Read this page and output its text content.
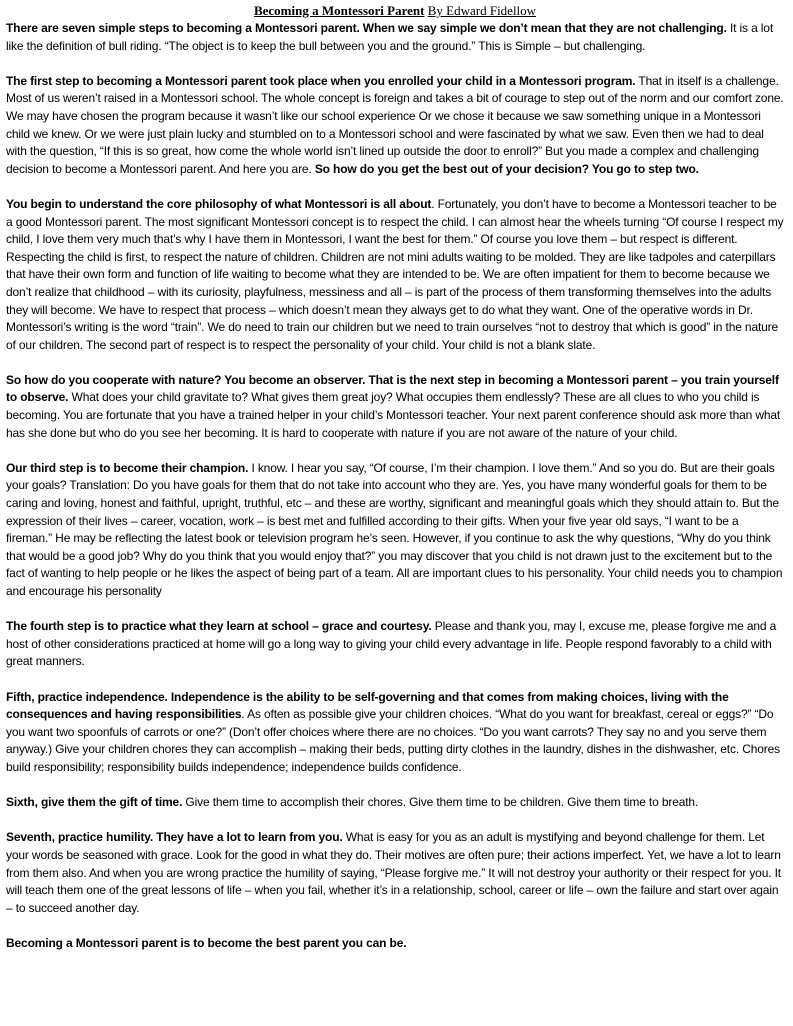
Becoming a Montessori Parent By Edward Fidellow

There are seven simple steps to becoming a Montessori parent. When we say simple we don’t mean that they are not challenging. It is a lot like the definition of bull riding. “The object is to keep the bull between you and the ground.” This is Simple – but challenging.

The first step to becoming a Montessori parent took place when you enrolled your child in a Montessori program. That in itself is a challenge. Most of us weren’t raised in a Montessori school. The whole concept is foreign and takes a bit of courage to step out of the norm and our comfort zone. We may have chosen the program because it wasn’t like our school experience Or we chose it because we saw something unique in a Montessori child we knew. Or we were just plain lucky and stumbled on to a Montessori school and were fascinated by what we saw. Even then we had to deal with the question, “If this is so great, how come the whole world isn’t lined up outside the door to enroll?” But you made a complex and challenging decision to become a Montessori parent. And here you are. So how do you get the best out of your decision? You go to step two.

You begin to understand the core philosophy of what Montessori is all about. Fortunately, you don’t have to become a Montessori teacher to be a good Montessori parent. The most significant Montessori concept is to respect the child. I can almost hear the wheels turning “Of course I respect my child, I love them very much that’s why I have them in Montessori, I want the best for them.” Of course you love them – but respect is different. Respecting the child is first, to respect the nature of children. Children are not mini adults waiting to be molded. They are like tadpoles and caterpillars that have their own form and function of life waiting to become what they are intended to be. We are often impatient for them to become because we don’t realize that childhood – with its curiosity, playfulness, messiness and all – is part of the process of them transforming themselves into the adults they will become. We have to respect that process – which doesn’t mean they always get to do what they want. One of the operative words in Dr. Montessori’s writing is the word “train”. We do need to train our children but we need to train ourselves “not to destroy that which is good” in the nature of our children. The second part of respect is to respect the personality of your child. Your child is not a blank slate.

So how do you cooperate with nature? You become an observer. That is the next step in becoming a Montessori parent – you train yourself to observe. What does your child gravitate to? What gives them great joy? What occupies them endlessly? These are all clues to who you child is becoming. You are fortunate that you have a trained helper in your child’s Montessori teacher. Your next parent conference should ask more than what has she done but who do you see her becoming. It is hard to cooperate with nature if you are not aware of the nature of your child.

Our third step is to become their champion. I know. I hear you say, “Of course, I’m their champion. I love them.” And so you do. But are their goals your goals? Translation: Do you have goals for them that do not take into account who they are. Yes, you have many wonderful goals for them to be caring and loving, honest and faithful, upright, truthful, etc – and these are worthy, significant and meaningful goals which they should attain to. But the expression of their lives – career, vocation, work – is best met and fulfilled according to their gifts. When your five year old says, “I want to be a fireman.” He may be reflecting the latest book or television program he’s seen. However, if you continue to ask the why questions, “Why do you think that would be a good job? Why do you think that you would enjoy that?” you may discover that you child is not drawn just to the excitement but to the fact of wanting to help people or he likes the aspect of being part of a team. All are important clues to his personality. Your child needs you to champion and encourage his personality

The fourth step is to practice what they learn at school – grace and courtesy. Please and thank you, may I, excuse me, please forgive me and a host of other considerations practiced at home will go a long way to giving your child every advantage in life. People respond favorably to a child with great manners.

Fifth, practice independence. Independence is the ability to be self-governing and that comes from making choices, living with the consequences and having responsibilities. As often as possible give your children choices. “What do you want for breakfast, cereal or eggs?” “Do you want two spoonfuls of carrots or one?” (Don’t offer choices where there are no choices. “Do you want carrots? They say no and you serve them anyway.) Give your children chores they can accomplish – making their beds, putting dirty clothes in the laundry, dishes in the dishwasher, etc. Chores build responsibility; responsibility builds independence; independence builds confidence.

Sixth, give them the gift of time. Give them time to accomplish their chores. Give them time to be children. Give them time to breath.

Seventh, practice humility. They have a lot to learn from you. What is easy for you as an adult is mystifying and beyond challenge for them. Let your words be seasoned with grace. Look for the good in what they do. Their motives are often pure; their actions imperfect. Yet, we have a lot to learn from them also. And when you are wrong practice the humility of saying, “Please forgive me.” It will not destroy your authority or their respect for you. It will teach them one of the great lessons of life – when you fail, whether it’s in a relationship, school, career or life – own the failure and start over again – to succeed another day.

Becoming a Montessori parent is to become the best parent you can be.
